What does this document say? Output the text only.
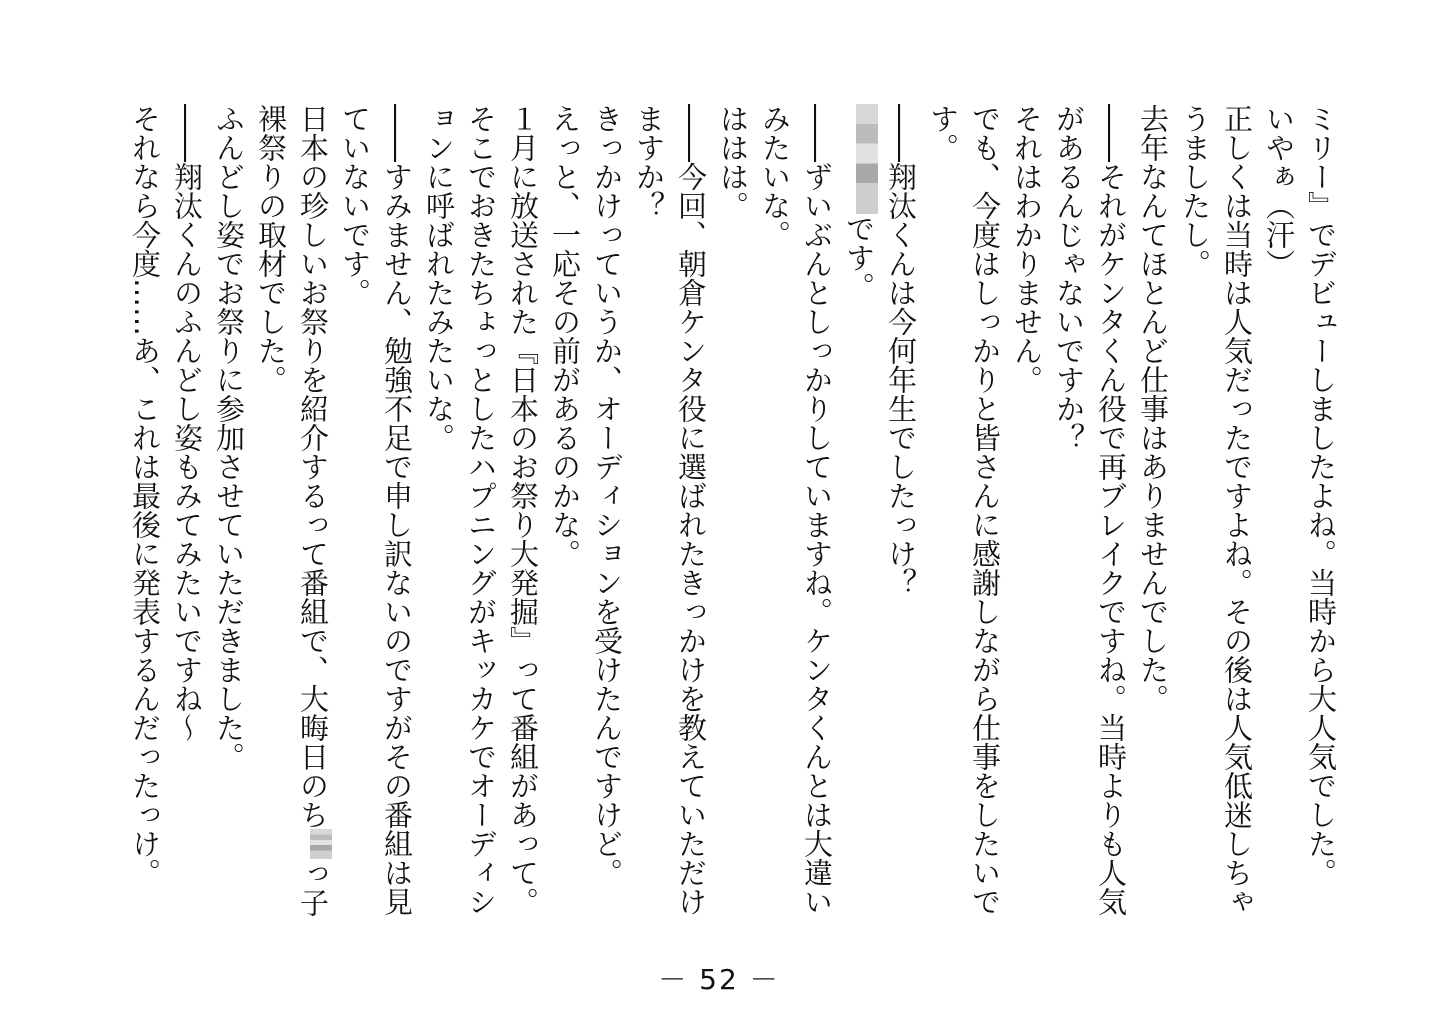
ミリー』でデビューしましたよね。当時から大人気でした。
いやぁ（汗）
正しくは当時は人気だったですよね。その後は人気低迷しちゃ
うましたし。
去年なんてほとんど仕事はありませんでした。
――それがケンタくん役で再ブレイクですね。当時よりも人気
があるんじゃないですか？
それはわかりません。
でも、今度はしっかりと皆さんに感謝しながら仕事をしたいで
す。
――翔汰くんは今何年生でしたっけ？
です。
――ずいぶんとしっかりしていますね。ケンタくんとは大違い
みたいな。
ははは。
――今回、朝倉ケンタ役に選ばれたきっかけを教えていただけ
ますか？
きっかけっていうか、オーディションを受けたんですけど。
えっと、一応その前があるのかな。
１月に放送された『日本のお祭り大発掘』って番組があって。
そこでおきたちょっとしたハプニングがキッカケでオーディシ
ョンに呼ばれたみたいな。
――すみません、勉強不足で申し訳ないのですがその番組は見
ていないです。
日本の珍しいお祭りを紹介するって番組で、大晦日のちっ子
裸祭りの取材でした。
ふんどし姿でお祭りに参加させていただきました。
――翔汰くんのふんどし姿もみてみたいですね～
それなら今度……あ、これは最後に発表するんだったっけ。
－ 52 －
